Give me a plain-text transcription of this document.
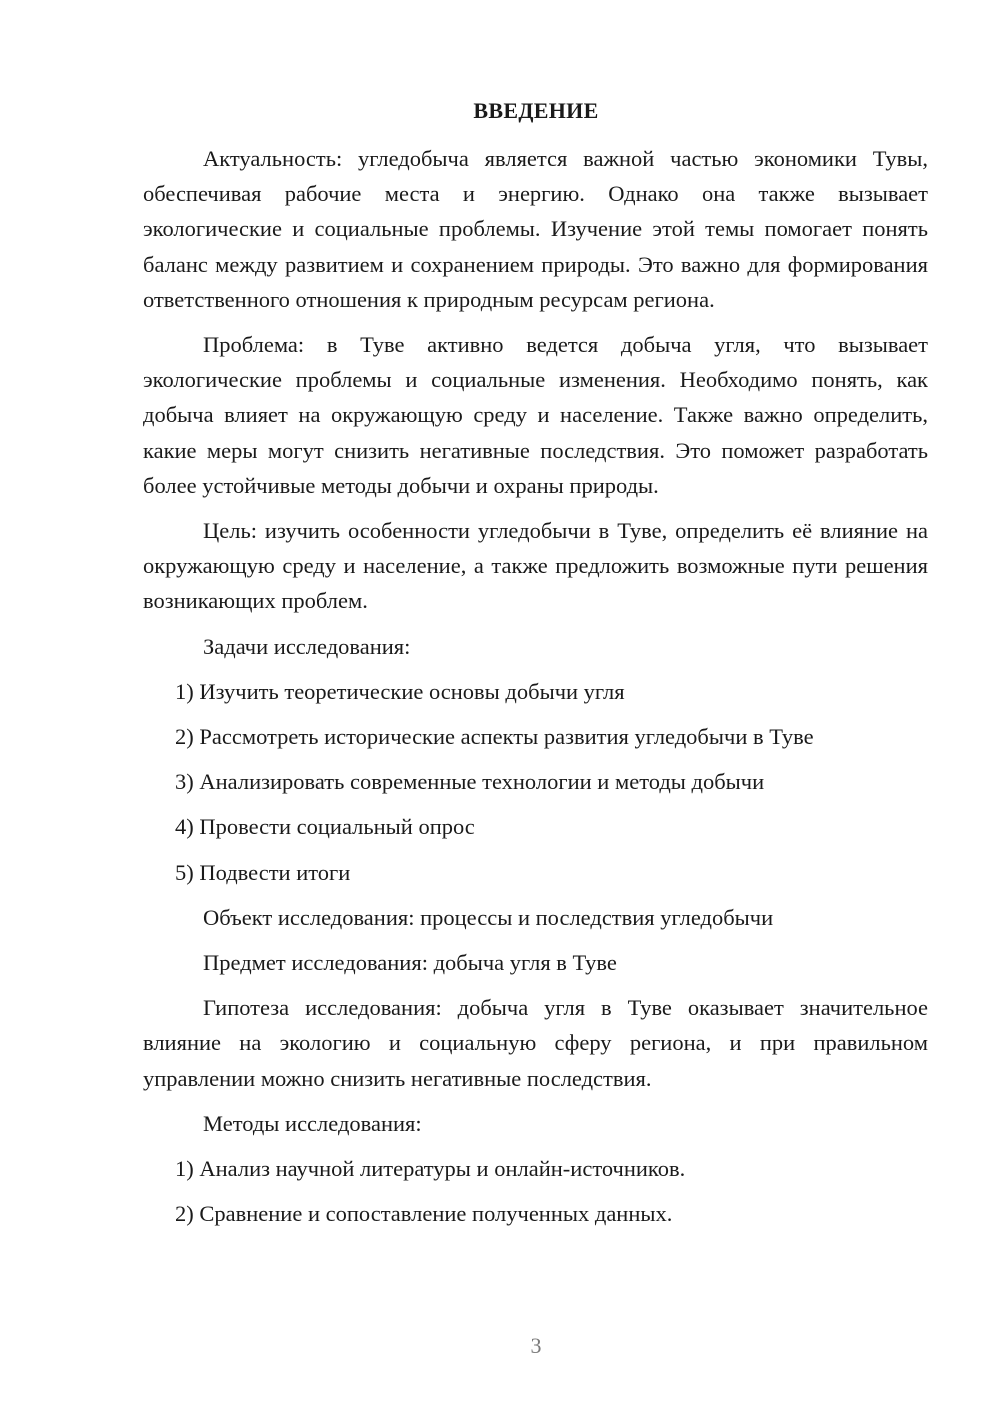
ВВЕДЕНИЕ

Актуальность: угледобыча является важной частью экономики Тувы, обеспечивая рабочие места и энергию. Однако она также вызывает экологические и социальные проблемы. Изучение этой темы помогает понять баланс между развитием и сохранением природы. Это важно для формирования ответственного отношения к природным ресурсам региона.

Проблема: в Туве активно ведется добыча угля, что вызывает экологические проблемы и социальные изменения. Необходимо понять, как добыча влияет на окружающую среду и население. Также важно определить, какие меры могут снизить негативные последствия. Это поможет разработать более устойчивые методы добычи и охраны природы.

Цель: изучить особенности угледобычи в Туве, определить её влияние на окружающую среду и население, а также предложить возможные пути решения возникающих проблем.

Задачи исследования:

1) Изучить теоретические основы добычи угля
2) Рассмотреть исторические аспекты развития угледобычи в Туве
3) Анализировать современные технологии и методы добычи
4) Провести социальный опрос
5) Подвести итоги

Объект исследования: процессы и последствия угледобычи

Предмет исследования: добыча угля в Туве

Гипотеза исследования: добыча угля в Туве оказывает значительное влияние на экологию и социальную сферу региона, и при правильном управлении можно снизить негативные последствия.

Методы исследования:

1) Анализ научной литературы и онлайн-источников.
2) Сравнение и сопоставление полученных данных.
3
